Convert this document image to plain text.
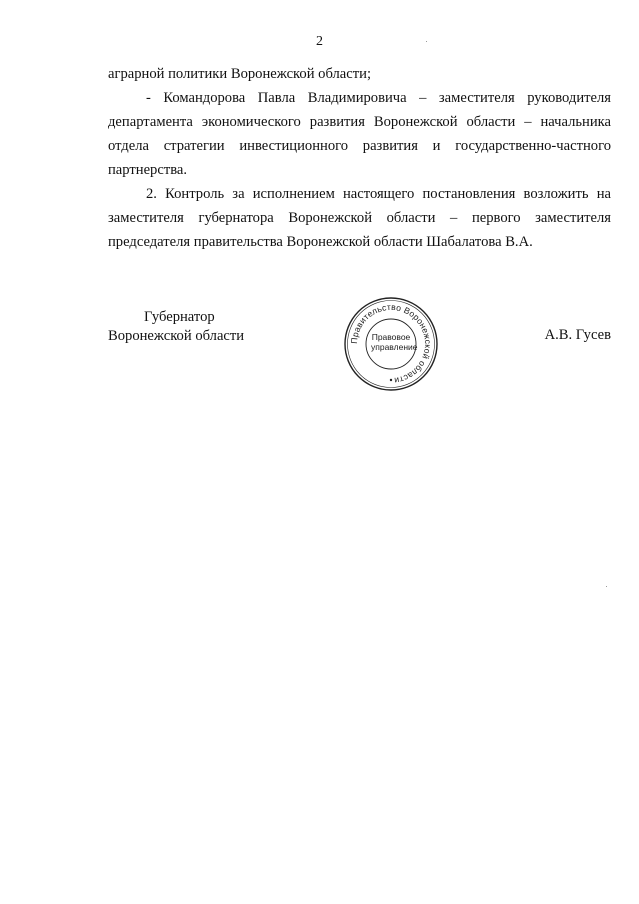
2

аграрной политики Воронежской области;

- Командорова Павла Владимировича – заместителя руководителя

департамента экономического развития Воронежской области – начальника
отдела стратегии инвестиционного развития и государственно-частного
партнерства.

2. Контроль за исполнением настоящего постановления возложить на

заместителя губернатора Воронежской области – первого заместителя
председателя правительства Воронежской области Шабалатова В.А.

Губернатор
Воронежской области	Правительство Воронежской области
Правовое
управление
А.В. Гусев
